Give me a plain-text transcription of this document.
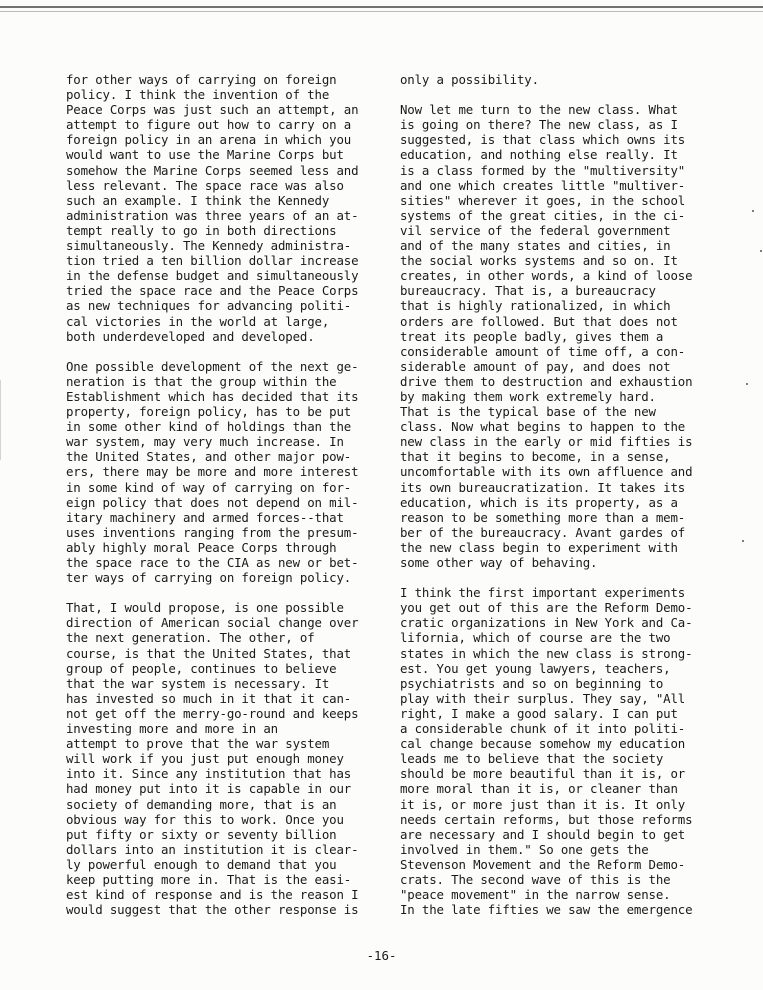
for other ways of carrying on foreign
policy. I think the invention of the
Peace Corps was just such an attempt, an
attempt to figure out how to carry on a
foreign policy in an arena in which you
would want to use the Marine Corps but
somehow the Marine Corps seemed less and
less relevant. The space race was also
such an example. I think the Kennedy
administration was three years of an at-
tempt really to go in both directions
simultaneously. The Kennedy administra-
tion tried a ten billion dollar increase
in the defense budget and simultaneously
tried the space race and the Peace Corps
as new techniques for advancing politi-
cal victories in the world at large,
both underdeveloped and developed.
One possible development of the next ge-
neration is that the group within the
Establishment which has decided that its
property, foreign policy, has to be put
in some other kind of holdings than the
war system, may very much increase. In
the United States, and other major pow-
ers, there may be more and more interest
in some kind of way of carrying on for-
eign policy that does not depend on mil-
itary machinery and armed forces--that
uses inventions ranging from the presum-
ably highly moral Peace Corps through
the space race to the CIA as new or bet-
ter ways of carrying on foreign policy.
That, I would propose, is one possible
direction of American social change over
the next generation. The other, of
course, is that the United States, that
group of people, continues to believe
that the war system is necessary. It
has invested so much in it that it can-
not get off the merry-go-round and keeps
investing more and more in an
attempt to prove that the war system
will work if you just put enough money
into it. Since any institution that has
had money put into it is capable in our
society of demanding more, that is an
obvious way for this to work. Once you
put fifty or sixty or seventy billion
dollars into an institution it is clear-
ly powerful enough to demand that you
keep putting more in. That is the easi-
est kind of response and is the reason I
would suggest that the other response is
only a possibility.
Now let me turn to the new class. What
is going on there? The new class, as I
suggested, is that class which owns its
education, and nothing else really. It
is a class formed by the "multiversity"
and one which creates little "multiver-
sities" wherever it goes, in the school
systems of the great cities, in the ci-
vil service of the federal government
and of the many states and cities, in
the social works systems and so on. It
creates, in other words, a kind of loose
bureaucracy. That is, a bureaucracy
that is highly rationalized, in which
orders are followed. But that does not
treat its people badly, gives them a
considerable amount of time off, a con-
siderable amount of pay, and does not
drive them to destruction and exhaustion
by making them work extremely hard.
That is the typical base of the new
class. Now what begins to happen to the
new class in the early or mid fifties is
that it begins to become, in a sense,
uncomfortable with its own affluence and
its own bureaucratization. It takes its
education, which is its property, as a
reason to be something more than a mem-
ber of the bureaucracy. Avant gardes of
the new class begin to experiment with
some other way of behaving.
I think the first important experiments
you get out of this are the Reform Demo-
cratic organizations in New York and Ca-
lifornia, which of course are the two
states in which the new class is strong-
est. You get young lawyers, teachers,
psychiatrists and so on beginning to
play with their surplus. They say, "All
right, I make a good salary. I can put
a considerable chunk of it into politi-
cal change because somehow my education
leads me to believe that the society
should be more beautiful than it is, or
more moral than it is, or cleaner than
it is, or more just than it is. It only
needs certain reforms, but those reforms
are necessary and I should begin to get
involved in them." So one gets the
Stevenson Movement and the Reform Demo-
crats. The second wave of this is the
"peace movement" in the narrow sense.
In the late fifties we saw the emergence
-16-
